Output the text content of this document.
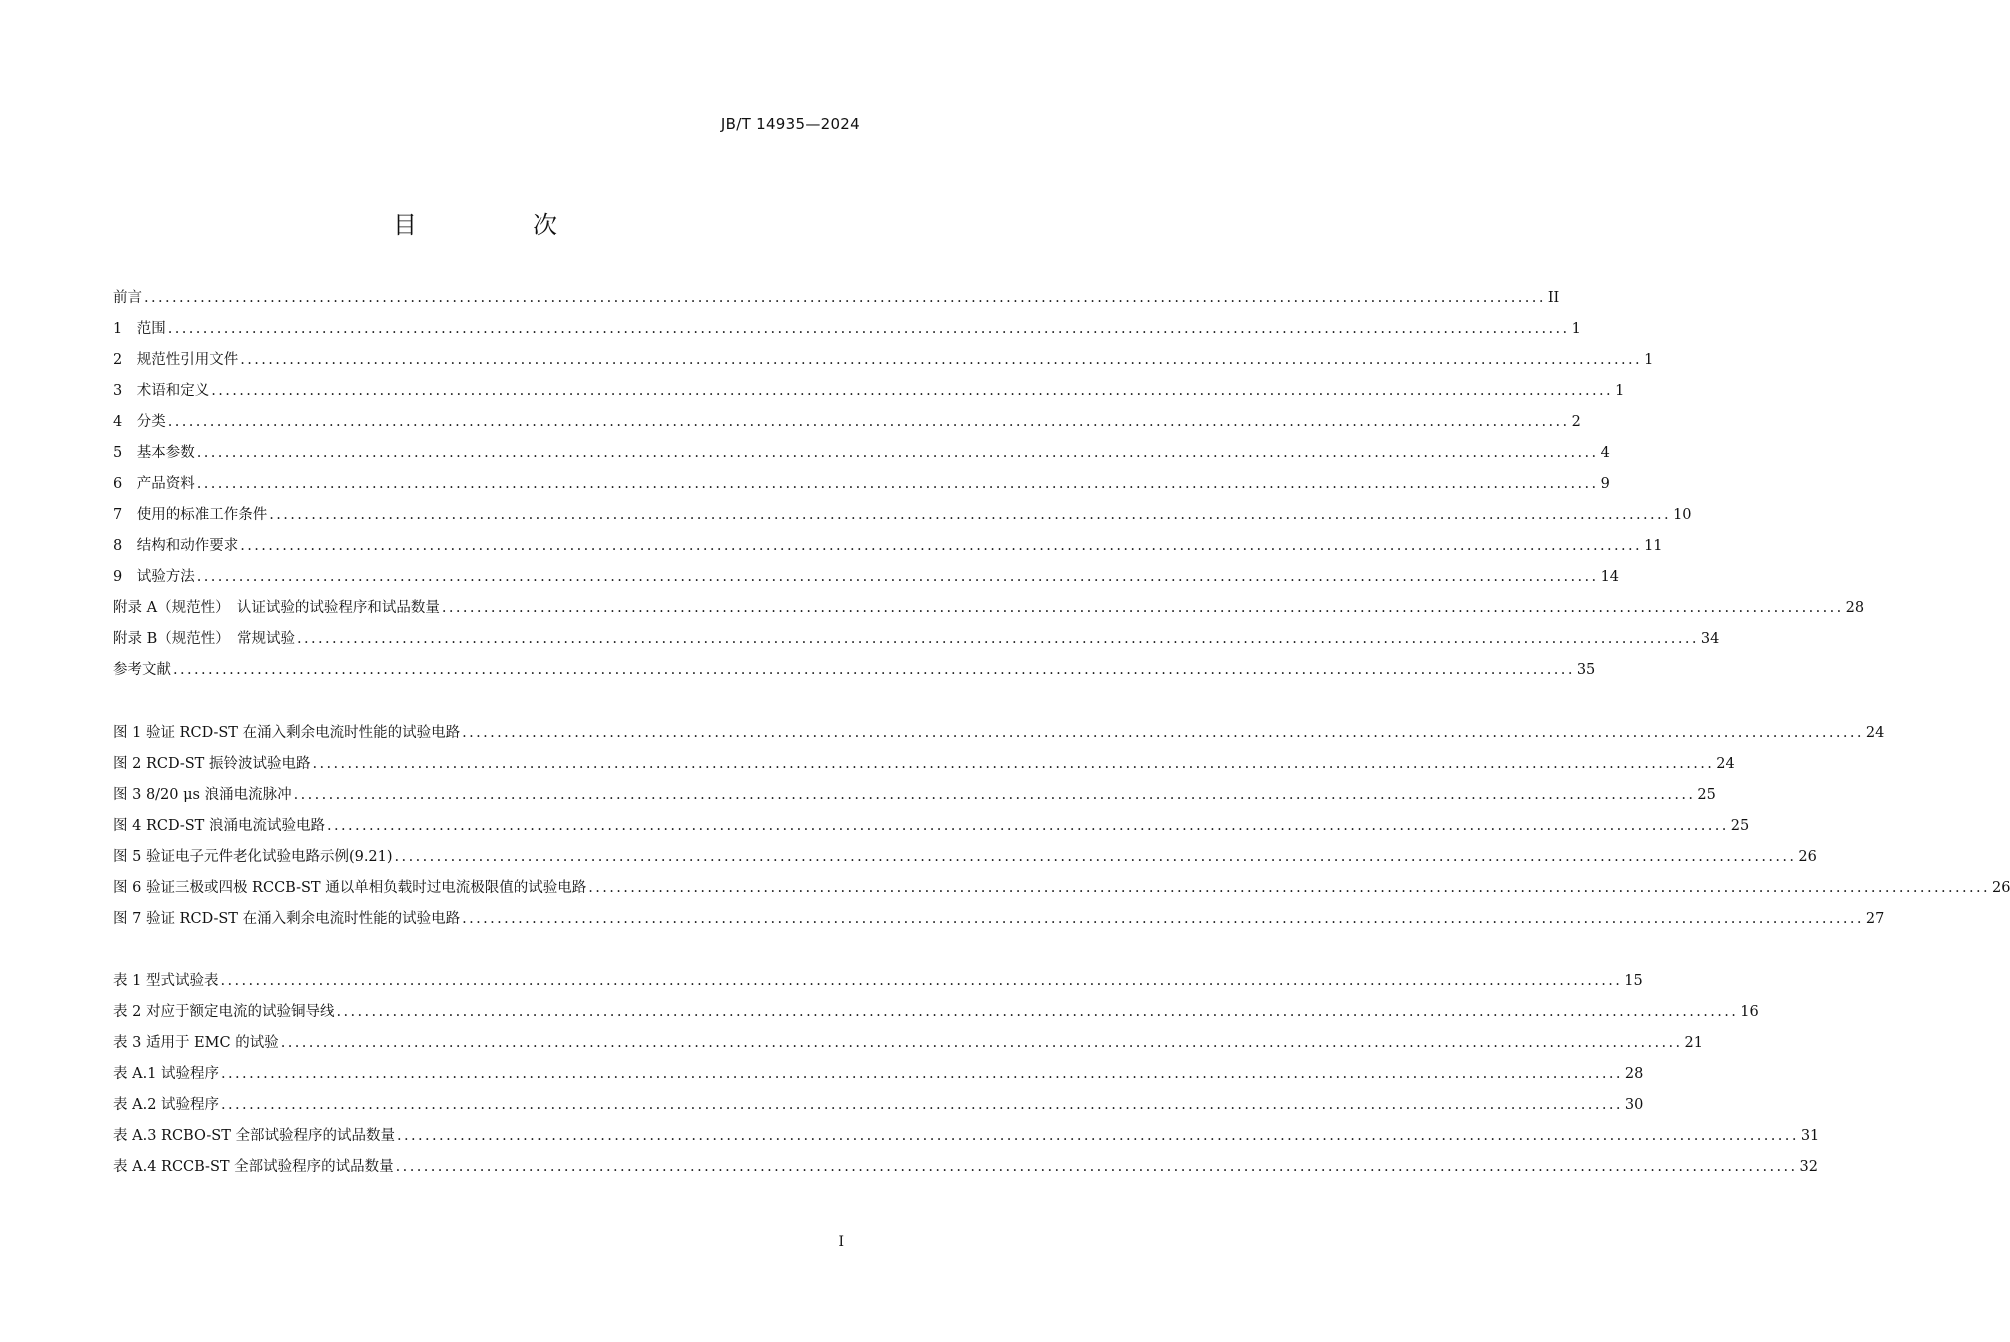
JB/T 14935—2024
目　次
前言 ........................................................................................................................................................................................................ II
1　范围 ........................................................................................................................................................................................................ 1
2　规范性引用文件 ........................................................................................................................................................................................................ 1
3　术语和定义 ........................................................................................................................................................................................................ 1
4　分类 ........................................................................................................................................................................................................ 2
5　基本参数 ........................................................................................................................................................................................................ 4
6　产品资料 ........................................................................................................................................................................................................ 9
7　使用的标准工作条件 ........................................................................................................................................................................................................ 10
8　结构和动作要求 ........................................................................................................................................................................................................ 11
9　试验方法 ........................................................................................................................................................................................................ 14
附录 A（规范性）　认证试验的试验程序和试品数量 ........................................................................................................................................................................................................ 28
附录 B（规范性）　常规试验 ........................................................................................................................................................................................................ 34
参考文献 ........................................................................................................................................................................................................ 35
图 1 验证 RCD-ST 在涌入剩余电流时性能的试验电路 ........................................................................................................................................................................................................ 24
图 2 RCD-ST 振铃波试验电路 ........................................................................................................................................................................................................ 24
图 3 8/20 μs 浪涌电流脉冲 ........................................................................................................................................................................................................ 25
图 4 RCD-ST 浪涌电流试验电路 ........................................................................................................................................................................................................ 25
图 5 验证电子元件老化试验电路示例(9.21) ........................................................................................................................................................................................................ 26
图 6 验证三极或四极 RCCB-ST 通以单相负载时过电流极限值的试验电路 ........................................................................................................................................................................................................ 26
图 7 验证 RCD-ST 在涌入剩余电流时性能的试验电路 ........................................................................................................................................................................................................ 27
表 1 型式试验表 ........................................................................................................................................................................................................ 15
表 2 对应于额定电流的试验铜导线 ........................................................................................................................................................................................................ 16
表 3 适用于 EMC 的试验 ........................................................................................................................................................................................................ 21
表 A.1 试验程序 ........................................................................................................................................................................................................ 28
表 A.2 试验程序 ........................................................................................................................................................................................................ 30
表 A.3 RCBO-ST 全部试验程序的试品数量 ........................................................................................................................................................................................................ 31
表 A.4 RCCB-ST 全部试验程序的试品数量 ........................................................................................................................................................................................................ 32
I
